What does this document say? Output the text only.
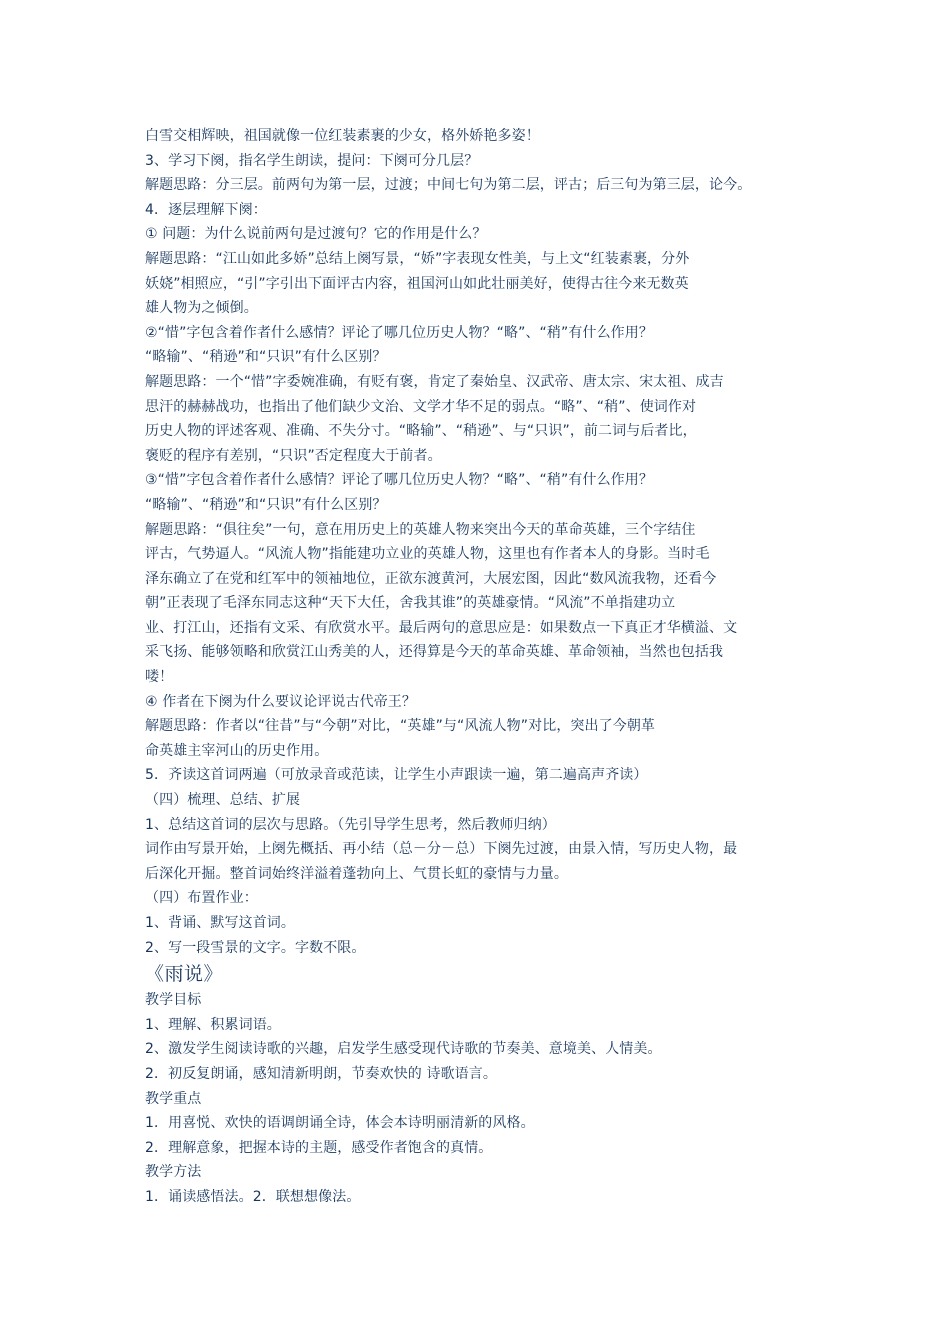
白雪交相辉映，祖国就像一位红装素裹的少女，格外娇艳多姿！
3、学习下阕，指名学生朗读，提问：下阕可分几层？
解题思路：分三层。前两句为第一层，过渡；中间七句为第二层，评古；后三句为第三层，论今。
4．逐层理解下阕：
① 问题：为什么说前两句是过渡句？它的作用是什么？
解题思路：“江山如此多娇”总结上阕写景，“娇”字表现女性美，与上文“红装素裹，分外
妖娆”相照应，“引”字引出下面评古内容，祖国河山如此壮丽美好，使得古往今来无数英
雄人物为之倾倒。
②“惜”字包含着作者什么感情？评论了哪几位历史人物？“略”、“稍”有什么作用？
“略输”、“稍逊”和“只识”有什么区别？
解题思路：一个“惜”字委婉准确，有贬有褒，肯定了秦始皇、汉武帝、唐太宗、宋太祖、成吉
思汗的赫赫战功，也指出了他们缺少文治、文学才华不足的弱点。“略”、“稍”、使词作对
历史人物的评述客观、准确、不失分寸。“略输”、“稍逊”、与“只识”，前二词与后者比，
褒贬的程序有差别，“只识”否定程度大于前者。
③“惜”字包含着作者什么感情？评论了哪几位历史人物？“略”、“稍”有什么作用？
“略输”、“稍逊”和“只识”有什么区别？
解题思路：“俱往矣”一句，意在用历史上的英雄人物来突出今天的革命英雄，三个字结住
评古，气势逼人。“风流人物”指能建功立业的英雄人物，这里也有作者本人的身影。当时毛
泽东确立了在党和红军中的领袖地位，正欲东渡黄河，大展宏图，因此“数风流我物，还看今
朝”正表现了毛泽东同志这种“天下大任，舍我其谁”的英雄豪情。“风流”不单指建功立
业、打江山，还指有文采、有欣赏水平。最后两句的意思应是：如果数点一下真正才华横溢、文
采飞扬、能够领略和欣赏江山秀美的人，还得算是今天的革命英雄、革命领袖，当然也包括我
喽！
④ 作者在下阕为什么要议论评说古代帝王？
解题思路：作者以“往昔”与“今朝”对比，“英雄”与“风流人物”对比，突出了今朝革
命英雄主宰河山的历史作用。
5．齐读这首词两遍（可放录音或范读，让学生小声跟读一遍，第二遍高声齐读）
（四）梳理、总结、扩展
1、总结这首词的层次与思路。（先引导学生思考，然后教师归纳）
词作由写景开始，上阕先概括、再小结（总－分－总）下阕先过渡，由景入情，写历史人物，最
后深化开掘。整首词始终洋溢着蓬勃向上、气贯长虹的豪情与力量。
（四）布置作业：
1、背诵、默写这首词。
2、写一段雪景的文字。字数不限。
《雨说》
教学目标
1、理解、积累词语。
2、激发学生阅读诗歌的兴趣，启发学生感受现代诗歌的节奏美、意境美、人情美。
2．初反复朗诵，感知清新明朗，节奏欢快的 诗歌语言。
教学重点
1．用喜悦、欢快的语调朗诵全诗，体会本诗明丽清新的风格。
2．理解意象，把握本诗的主题，感受作者饱含的真情。
教学方法
1．诵读感悟法。2．联想想像法。
